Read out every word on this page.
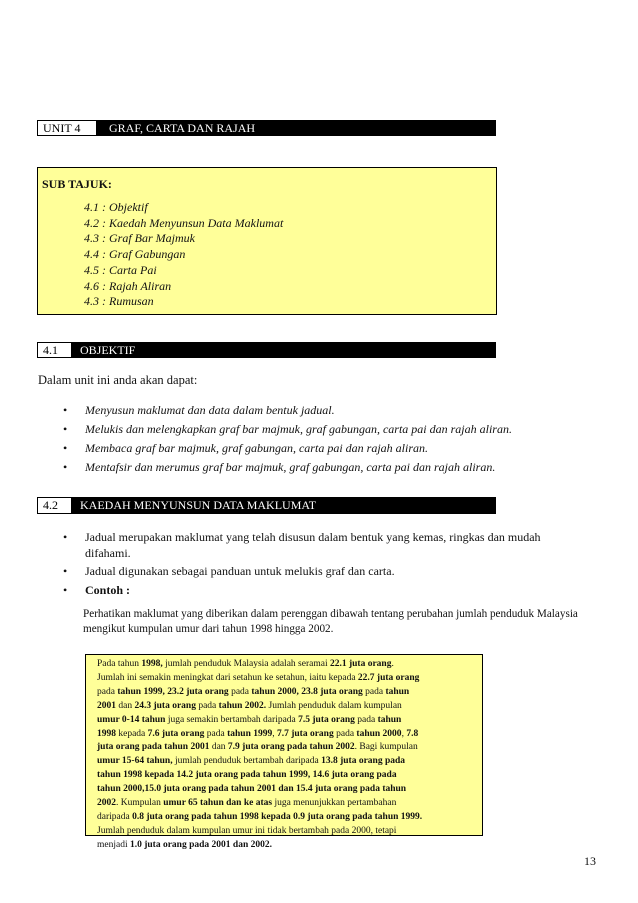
UNIT 4	GRAF, CARTA DAN RAJAH
SUB TAJUK:
4.1 : Objektif
4.2 : Kaedah Menyunsun Data Maklumat
4.3 : Graf Bar Majmuk
4.4 : Graf Gabungan
4.5 : Carta Pai
4.6 : Rajah Aliran
4.3 : Rumusan
4.1	OBJEKTIF
Dalam unit ini anda akan dapat:
• Menyusun maklumat dan data dalam bentuk jadual.
• Melukis dan melengkapkan graf bar majmuk, graf gabungan, carta pai dan rajah aliran.
• Membaca graf bar majmuk, graf gabungan, carta pai dan rajah aliran.
• Mentafsir dan merumus graf bar majmuk, graf gabungan, carta pai dan rajah aliran.
4.2	KAEDAH MENYUNSUN DATA MAKLUMAT
• Jadual merupakan maklumat yang telah disusun dalam bentuk yang kemas, ringkas dan mudah difahami.
• Jadual digunakan sebagai panduan untuk melukis graf dan carta.
• Contoh :
Perhatikan maklumat yang diberikan dalam perenggan dibawah tentang perubahan jumlah penduduk Malaysia mengikut kumpulan umur dari tahun 1998 hingga 2002.
Pada tahun 1998, jumlah penduduk Malaysia adalah seramai 22.1 juta orang.
Jumlah ini semakin meningkat dari setahun ke setahun, iaitu kepada 22.7 juta orang
pada tahun 1999, 23.2 juta orang pada tahun 2000, 23.8 juta orang pada tahun
2001 dan 24.3 juta orang pada tahun 2002. Jumlah penduduk dalam kumpulan
umur 0-14 tahun juga semakin bertambah daripada 7.5 juta orang pada tahun
1998 kepada 7.6 juta orang pada tahun 1999, 7.7 juta orang pada tahun 2000, 7.8
juta orang pada tahun 2001 dan 7.9 juta orang pada tahun 2002. Bagi kumpulan
umur 15-64 tahun, jumlah penduduk bertambah daripada 13.8 juta orang pada
tahun 1998 kepada 14.2 juta orang pada tahun 1999, 14.6 juta orang pada
tahun 2000,15.0 juta orang pada tahun 2001 dan 15.4 juta orang pada tahun
2002. Kumpulan umur 65 tahun dan ke atas juga menunjukkan pertambahan
daripada 0.8 juta orang pada tahun 1998 kepada 0.9 juta orang pada tahun 1999.
Jumlah penduduk dalam kumpulan umur ini tidak bertambah pada 2000, tetapi
menjadi 1.0 juta orang pada 2001 dan 2002.
13
